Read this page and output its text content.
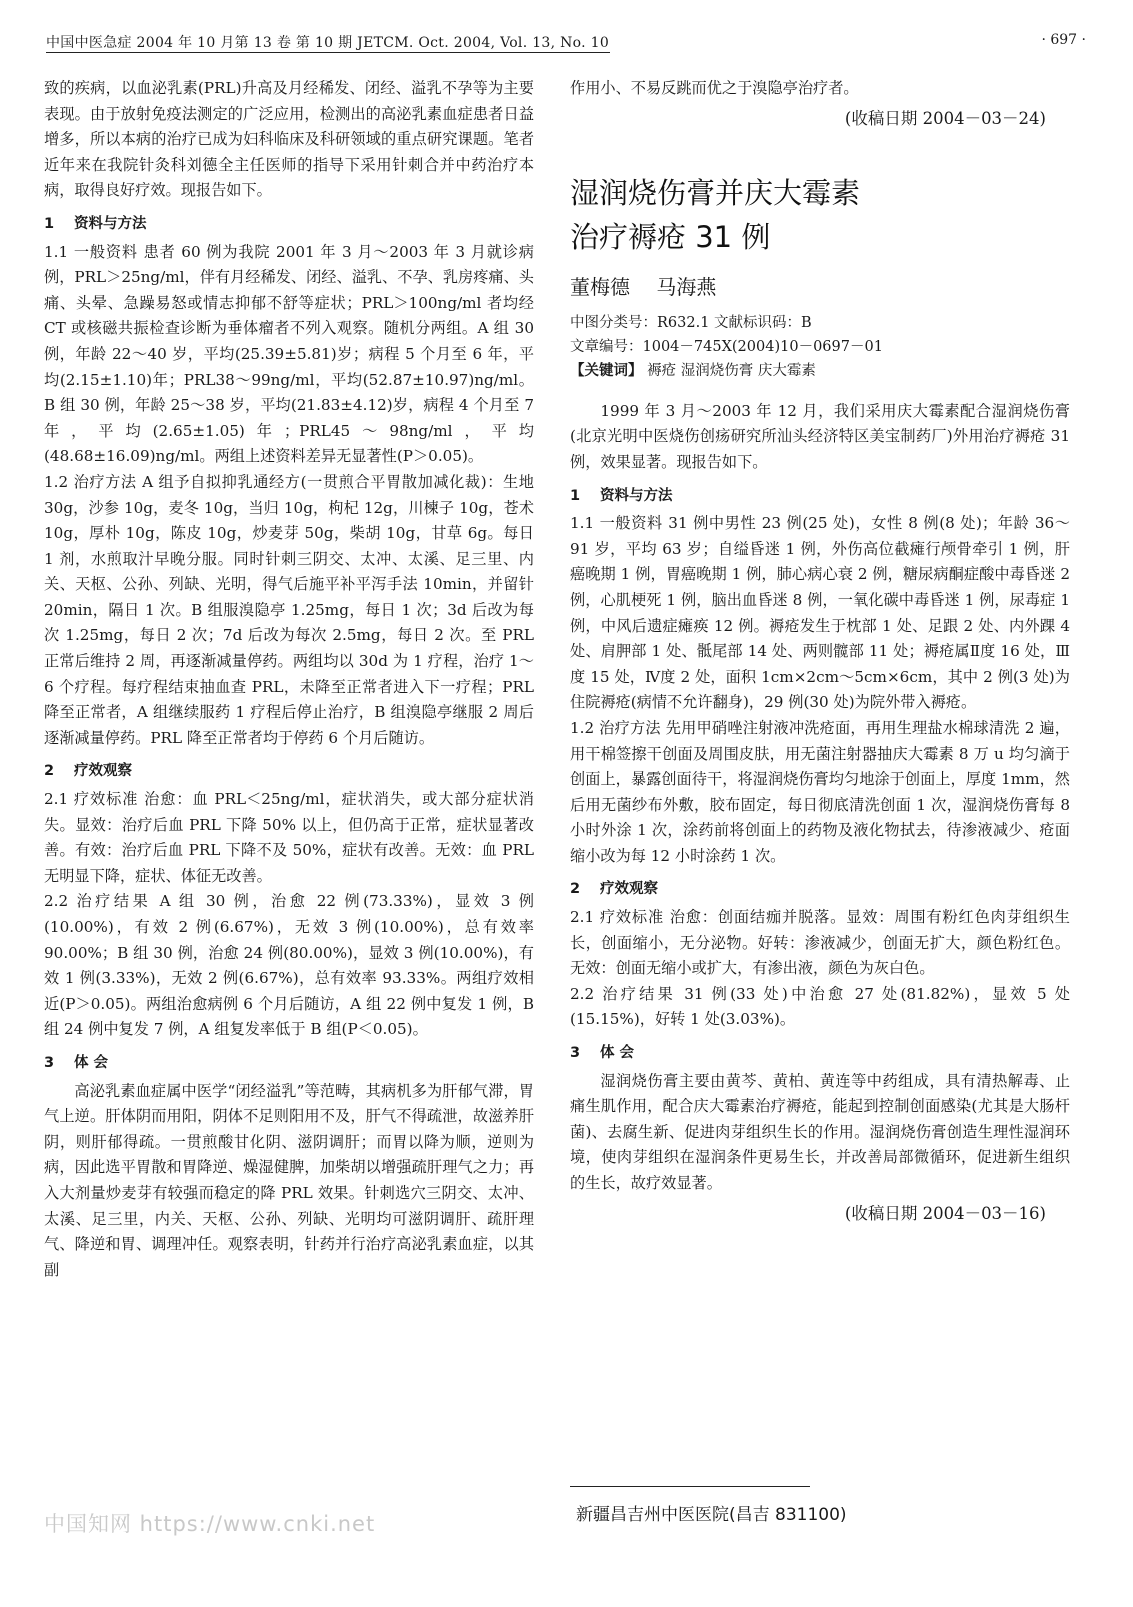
中国中医急症 2004 年 10 月第 13 卷 第 10 期 JETCM. Oct. 2004, Vol. 13, No. 10	· 697 ·

致的疾病，以血泌乳素(PRL)升高及月经稀发、闭经、溢乳不孕等为主要表现。由于放射免疫法测定的广泛应用，检测出的高泌乳素血症患者日益增多，所以本病的治疗已成为妇科临床及科研领域的重点研究课题。笔者近年来在我院针灸科刘德全主任医师的指导下采用针刺合并中药治疗本病，取得良好疗效。现报告如下。

1 资料与方法

1.1 一般资料 患者 60 例为我院 2001 年 3 月～2003 年 3 月就诊病例，PRL＞25ng/ml，伴有月经稀发、闭经、溢乳、不孕、乳房疼痛、头痛、头晕、急躁易怒或情志抑郁不舒等症状；PRL＞100ng/ml 者均经 CT 或核磁共振检查诊断为垂体瘤者不列入观察。随机分两组。A 组 30 例，年龄 22～40 岁，平均(25.39±5.81)岁；病程 5 个月至 6 年，平均(2.15±1.10)年；PRL38～99ng/ml，平均(52.87±10.97)ng/ml。B 组 30 例，年龄 25～38 岁，平均(21.83±4.12)岁，病程 4 个月至 7 年，平均(2.65±1.05)年；PRL45～98ng/ml，平均(48.68±16.09)ng/ml。两组上述资料差异无显著性(P＞0.05)。

1.2 治疗方法 A 组予自拟抑乳通经方(一贯煎合平胃散加减化裁)：生地 30g，沙参 10g，麦冬 10g，当归 10g，枸杞 12g，川楝子 10g，苍术 10g，厚朴 10g，陈皮 10g，炒麦芽 50g，柴胡 10g，甘草 6g。每日 1 剂，水煎取汁早晚分服。同时针刺三阴交、太冲、太溪、足三里、内关、天枢、公孙、列缺、光明，得气后施平补平泻手法 10min，并留针 20min，隔日 1 次。B 组服溴隐亭 1.25mg，每日 1 次；3d 后改为每次 1.25mg，每日 2 次；7d 后改为每次 2.5mg，每日 2 次。至 PRL 正常后维持 2 周，再逐渐减量停药。两组均以 30d 为 1 疗程，治疗 1～6 个疗程。每疗程结束抽血查 PRL，未降至正常者进入下一疗程；PRL 降至正常者，A 组继续服药 1 疗程后停止治疗，B 组溴隐亭继服 2 周后逐渐减量停药。PRL 降至正常者均于停药 6 个月后随访。

2 疗效观察

2.1 疗效标准 治愈：血 PRL＜25ng/ml，症状消失，或大部分症状消失。显效：治疗后血 PRL 下降 50% 以上，但仍高于正常，症状显著改善。有效：治疗后血 PRL 下降不及 50%，症状有改善。无效：血 PRL 无明显下降，症状、体征无改善。

2.2 治疗结果 A 组 30 例，治愈 22 例(73.33%)，显效 3 例(10.00%)，有效 2 例(6.67%)，无效 3 例(10.00%)，总有效率 90.00%；B 组 30 例，治愈 24 例(80.00%)，显效 3 例(10.00%)，有效 1 例(3.33%)，无效 2 例(6.67%)，总有效率 93.33%。两组疗效相近(P＞0.05)。两组治愈病例 6 个月后随访，A 组 22 例中复发 1 例，B 组 24 例中复发 7 例，A 组复发率低于 B 组(P＜0.05)。

3 体 会

高泌乳素血症属中医学“闭经溢乳”等范畴，其病机多为肝郁气滞，胃气上逆。肝体阴而用阳，阴体不足则阳用不及，肝气不得疏泄，故滋养肝阴，则肝郁得疏。一贯煎酸甘化阴、滋阴调肝；而胃以降为顺，逆则为病，因此选平胃散和胃降逆、燥湿健脾，加柴胡以增强疏肝理气之力；再入大剂量炒麦芽有较强而稳定的降 PRL 效果。针刺选穴三阴交、太冲、太溪、足三里，内关、天枢、公孙、列缺、光明均可滋阴调肝、疏肝理气、降逆和胃、调理冲任。观察表明，针药并行治疗高泌乳素血症，以其副

作用小、不易反跳而优之于溴隐亭治疗者。

(收稿日期 2004－03－24)
湿润烧伤膏并庆大霉素
治疗褥疮 31 例
董梅德 马海燕
中图分类号：R632.1 文献标识码：B
文章编号：1004－745X(2004)10－0697－01
【关键词】 褥疮 湿润烧伤膏 庆大霉素

1999 年 3 月～2003 年 12 月，我们采用庆大霉素配合湿润烧伤膏(北京光明中医烧伤创疡研究所汕头经济特区美宝制药厂)外用治疗褥疮 31 例，效果显著。现报告如下。

1 资料与方法

1.1 一般资料 31 例中男性 23 例(25 处)，女性 8 例(8 处)；年龄 36～91 岁，平均 63 岁；自缢昏迷 1 例，外伤高位截瘫行颅骨牵引 1 例，肝癌晚期 1 例，胃癌晚期 1 例，肺心病心衰 2 例，糖尿病酮症酸中毒昏迷 2 例，心肌梗死 1 例，脑出血昏迷 8 例，一氧化碳中毒昏迷 1 例，尿毒症 1 例，中风后遗症瘫痪 12 例。褥疮发生于枕部 1 处、足跟 2 处、内外踝 4 处、肩胛部 1 处、骶尾部 14 处、两则髋部 11 处；褥疮属Ⅱ度 16 处，Ⅲ度 15 处，Ⅳ度 2 处，面积 1cm×2cm～5cm×6cm，其中 2 例(3 处)为住院褥疮(病情不允许翻身)，29 例(30 处)为院外带入褥疮。

1.2 治疗方法 先用甲硝唑注射液冲洗疮面，再用生理盐水棉球清洗 2 遍，用干棉签擦干创面及周围皮肤，用无菌注射器抽庆大霉素 8 万 u 均匀滴于创面上，暴露创面待干，将湿润烧伤膏均匀地涂于创面上，厚度 1mm，然后用无菌纱布外敷，胶布固定，每日彻底清洗创面 1 次，湿润烧伤膏每 8 小时外涂 1 次，涂药前将创面上的药物及液化物拭去，待渗液减少、疮面缩小改为每 12 小时涂药 1 次。

2 疗效观察

2.1 疗效标准 治愈：创面结痂并脱落。显效：周围有粉红色肉芽组织生长，创面缩小，无分泌物。好转：渗液减少，创面无扩大，颜色粉红色。无效：创面无缩小或扩大，有渗出液，颜色为灰白色。

2.2 治疗结果 31 例(33 处)中治愈 27 处(81.82%)，显效 5 处(15.15%)，好转 1 处(3.03%)。

3 体 会

湿润烧伤膏主要由黄芩、黄柏、黄连等中药组成，具有清热解毒、止痛生肌作用，配合庆大霉素治疗褥疮，能起到控制创面感染(尤其是大肠杆菌)、去腐生新、促进肉芽组织生长的作用。湿润烧伤膏创造生理性湿润环境，使肉芽组织在湿润条件更易生长，并改善局部微循环，促进新生组织的生长，故疗效显著。

(收稿日期 2004－03－16)
新疆昌吉州中医医院(昌吉 831100)
中国知网 https://www.cnki.net
